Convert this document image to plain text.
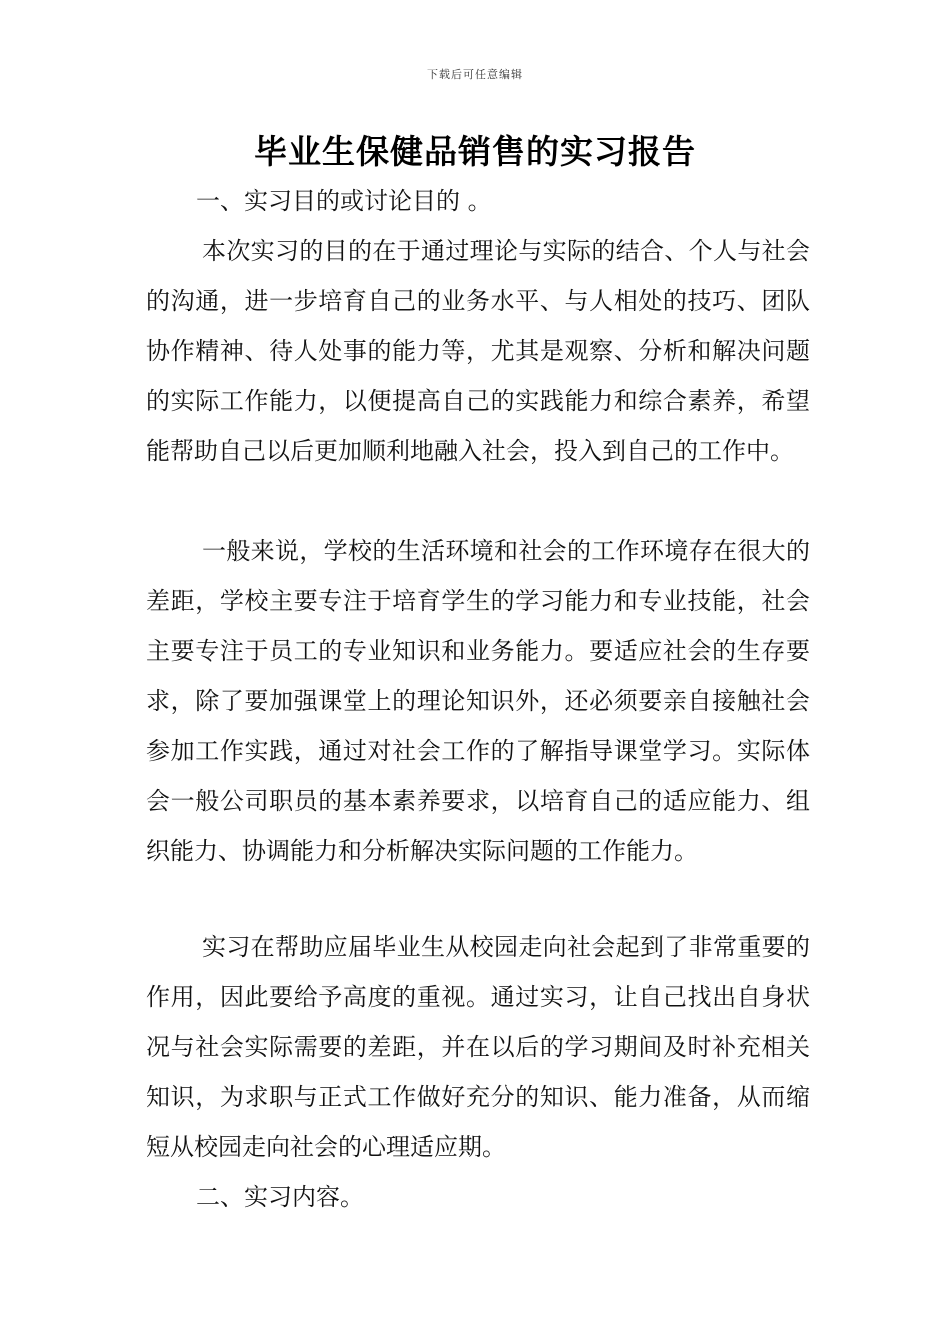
下载后可任意编辑
毕业生保健品销售的实习报告
一、实习目的或讨论目的 。

本次实习的目的在于通过理论与实际的结合、个人与社会的沟通，进一步培育自己的业务水平、与人相处的技巧、团队协作精神、待人处事的能力等，尤其是观察、分析和解决问题的实际工作能力，以便提高自己的实践能力和综合素养，希望能帮助自己以后更加顺利地融入社会，投入到自己的工作中。

一般来说，学校的生活环境和社会的工作环境存在很大的差距，学校主要专注于培育学生的学习能力和专业技能，社会主要专注于员工的专业知识和业务能力。要适应社会的生存要求，除了要加强课堂上的理论知识外，还必须要亲自接触社会参加工作实践，通过对社会工作的了解指导课堂学习。实际体会一般公司职员的基本素养要求，以培育自己的适应能力、组织能力、协调能力和分析解决实际问题的工作能力。

实习在帮助应届毕业生从校园走向社会起到了非常重要的作用，因此要给予高度的重视。通过实习，让自己找出自身状况与社会实际需要的差距，并在以后的学习期间及时补充相关知识，为求职与正式工作做好充分的知识、能力准备，从而缩短从校园走向社会的心理适应期。

二、实习内容。
